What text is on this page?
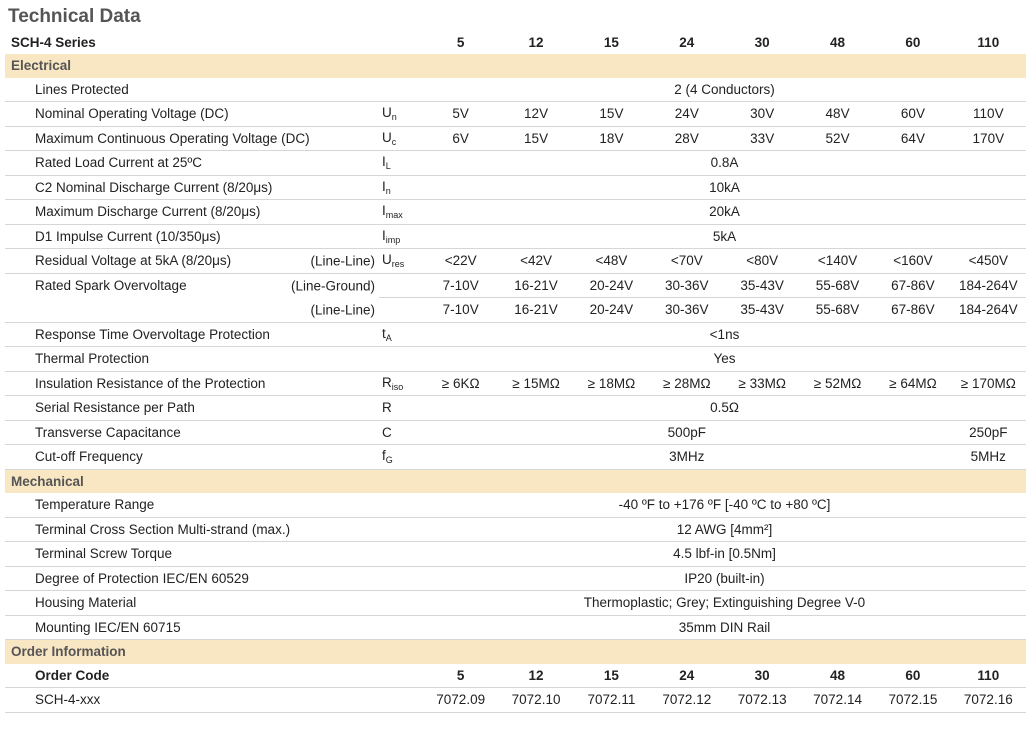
Technical Data
SCH-4 Series		5	12	15	24	30	48	60	110
Electrical									
Lines Protected		2 (4 Conductors)							
Nominal Operating Voltage (DC)	$U_n$	5V	12V	15V	24V	30V	48V	60V	110V
Maximum Continuous Operating Voltage (DC)	$U_c$	6V	15V	18V	28V	33V	52V	64V	170V
Rated Load Current at 25ºC	$I_L$	0.8A							
C2 Nominal Discharge Current (8/20μs)	$I_n$	10kA							
Maximum Discharge Current (8/20μs)	$I_{max}$	20kA							
D1 Impulse Current (10/350μs)	$I_{imp}$	5kA							
Residual Voltage at 5kA (8/20μs) (Line-Line)	$U_{res}$	<22V	<42V	<48V	<70V	<80V	<140V	<160V	<450V
Rated Spark Overvoltage (Line-Ground)		7-10V	16-21V	20-24V	30-36V	35-43V	55-68V	67-86V	184-264V

(Line-Line)		7-10V	16-21V	20-24V	30-36V	35-43V	55-68V	67-86V	184-264V
Response Time Overvoltage Protection	$t_A$	<1ns							
Thermal Protection		Yes							
Insulation Resistance of the Protection	$R_{iso}$	≥ 6KΩ	≥ 15MΩ	≥ 18MΩ	≥ 28MΩ	≥ 33MΩ	≥ 52MΩ	≥ 64MΩ	≥ 170MΩ
Serial Resistance per Path	R	0.5Ω							
Transverse Capacitance	C	500pF							250pF
Cut-off Frequency	$f_G$	3MHz							5MHz
Mechanical									
Temperature Range		-40 ºF to +176 ºF [-40 ºC to +80 ºC]							
Terminal Cross Section Multi-strand (max.)		12 AWG [4mm²]							
Terminal Screw Torque		4.5 lbf-in [0.5Nm]							
Degree of Protection IEC/EN 60529		IP20 (built-in)							
Housing Material		Thermoplastic; Grey; Extinguishing Degree V-0							
Mounting IEC/EN 60715		35mm DIN Rail							
Order Information									
Order Code		5	12	15	24	30	48	60	110
SCH-4-xxx		7072.09	7072.10	7072.11	7072.12	7072.13	7072.14	7072.15	7072.16
